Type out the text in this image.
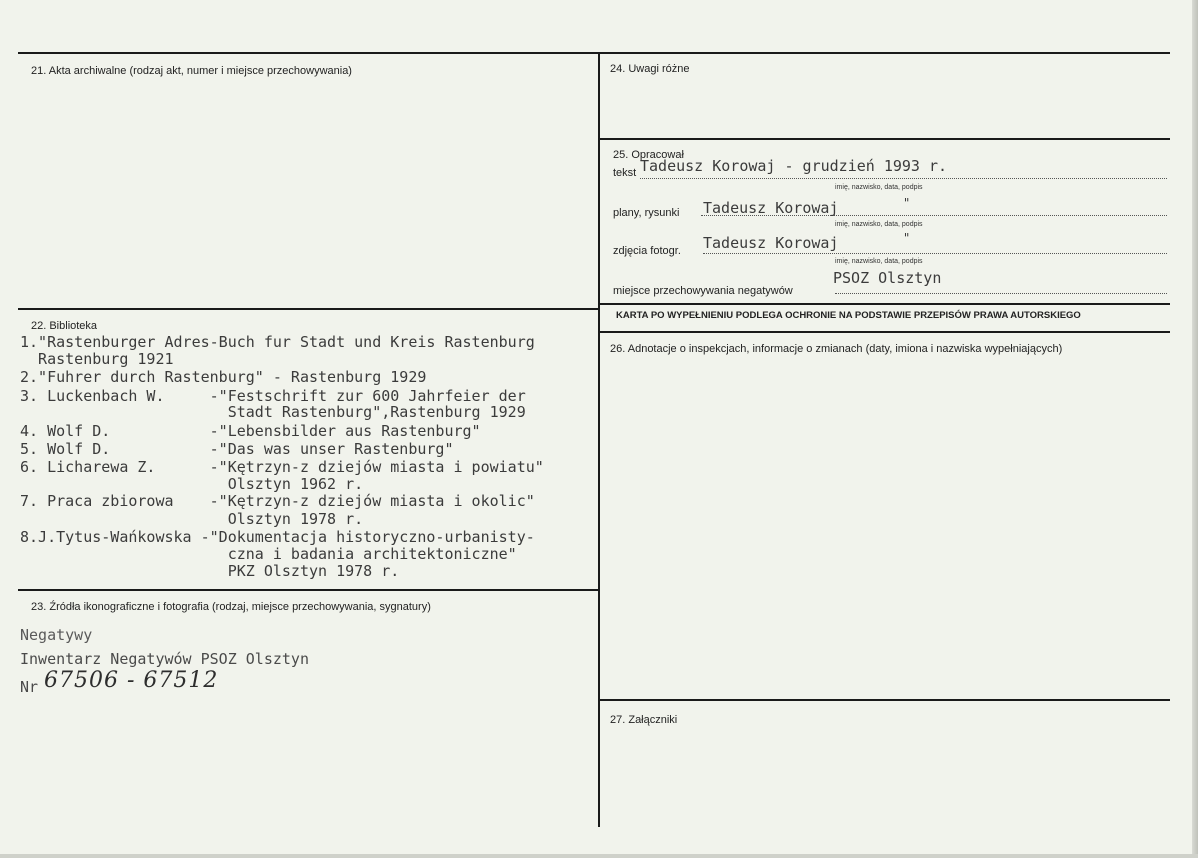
21. Akta archiwalne (rodzaj akt, numer i miejsce przechowywania)	24. Uwagi różne
25. Opracował
tekst Tadeusz Korowaj - grudzień 1993 r.
imię, nazwisko, data, podpis
plany, rysunki Tadeusz Korowaj	"
imię, nazwisko, data, podpis
zdjęcia fotogr. Tadeusz Korowaj	"
imię, nazwisko, data, podpis
miejsce przechowywania negatywów
PSOZ Olsztyn
KARTA PO WYPEŁNIENIU PODLEGA OCHRONIE NA PODSTAWIE PRZEPISÓW PRAWA AUTORSKIEGO
26. Adnotacje o inspekcjach, informacje o zmianach (daty, imiona i nazwiska wypełniających)
27. Załączniki
22. Biblioteka
1."Rastenburger Adres-Buch fur Stadt und Kreis Rastenburg
Rastenburg 1921
2."Fuhrer durch Rastenburg" - Rastenburg 1929
3. Luckenbach W.     -"Festschrift zur 600 Jahrfeier der
Stadt Rastenburg",Rastenburg 1929
4. Wolf D.           -"Lebensbilder aus Rastenburg"
5. Wolf D.           -"Das was unser Rastenburg"
6. Licharewa Z.      -"Kętrzyn-z dziejów miasta i powiatu"
Olsztyn 1962 r.
7. Praca zbiorowa    -"Kętrzyn-z dziejów miasta i okolic"
Olsztyn 1978 r.
8.J.Tytus-Wańkowska -"Dokumentacja historyczno-urbanisty-
czna i badania architektoniczne"
PKZ Olsztyn 1978 r.
23. Źródła ikonograficzne i fotografia (rodzaj, miejsce przechowywania, sygnatury)
Negatywy
Inwentarz Negatywów PSOZ Olsztyn
Nr 67506 - 67512
